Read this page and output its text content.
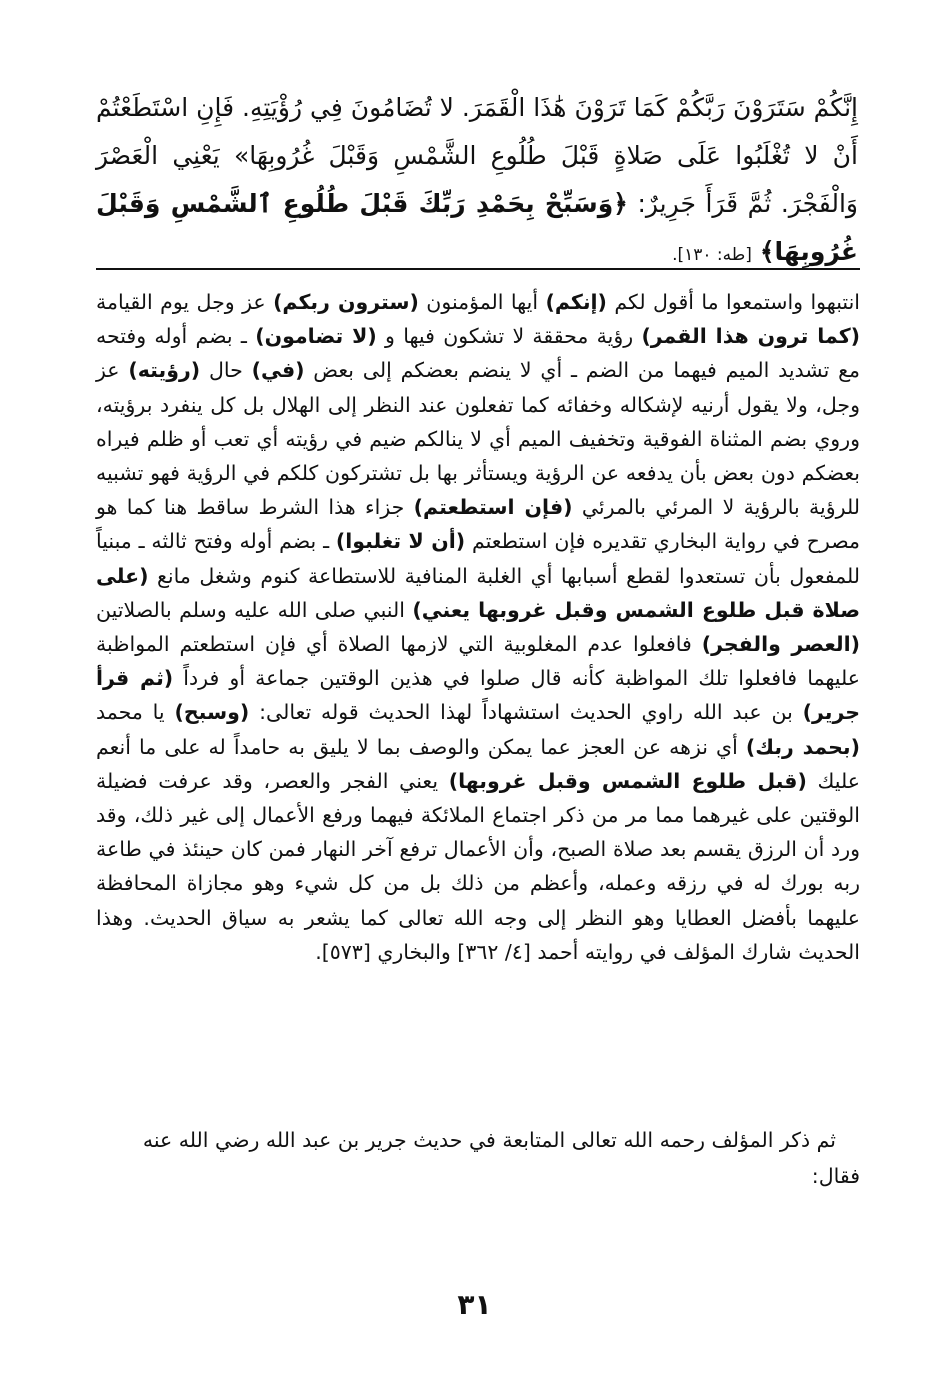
إِنَّكُمْ سَتَرَوْنَ رَبَّكُمْ كَمَا تَرَوْنَ هَٰذَا الْقَمَرَ. لا تُضَامُونَ فِي رُؤْيَتِهِ. فَإِنِ اسْتَطَعْتُمْ أَنْ لا تُغْلَبُوا عَلَى صَلاةٍ قَبْلَ طُلُوعِ الشَّمْسِ وَقَبْلَ غُرُوبِهَا» يَعْنِي الْعَصْرَ وَالْفَجْرَ. ثُمَّ قَرَأَ جَرِيرٌ: ﴿وَسَبِّحْ بِحَمْدِ رَبِّكَ قَبْلَ طُلُوعِ ٱلشَّمْسِ وَقَبْلَ غُرُوبِهَا﴾ [طه: ١٣٠].
انتبهوا واستمعوا ما أقول لكم (إنكم) أيها المؤمنون (سترون ربكم) عز وجل يوم القيامة (كما ترون هذا القمر) رؤية محققة لا تشكون فيها و (لا تضامون) ـ بضم أوله وفتحه مع تشديد الميم فيهما من الضم ـ أي لا ينضم بعضكم إلى بعض (في) حال (رؤيته) عز وجل، ولا يقول أرنيه لإشكاله وخفائه كما تفعلون عند النظر إلى الهلال بل كل ينفرد برؤيته، وروي بضم المثناة الفوقية وتخفيف الميم أي لا ينالكم ضيم في رؤيته أي تعب أو ظلم فيراه بعضكم دون بعض بأن يدفعه عن الرؤية ويستأثر بها بل تشتركون كلكم في الرؤية فهو تشبيه للرؤية بالرؤية لا المرئي بالمرئي (فإن استطعتم) جزاء هذا الشرط ساقط هنا كما هو مصرح في رواية البخاري تقديره فإن استطعتم (أن لا تغلبوا) ـ بضم أوله وفتح ثالثه ـ مبنياً للمفعول بأن تستعدوا لقطع أسبابها أي الغلبة المنافية للاستطاعة كنوم وشغل مانع (على صلاة قبل طلوع الشمس وقبل غروبها يعني) النبي صلى الله عليه وسلم بالصلاتين (العصر والفجر) فافعلوا عدم المغلوبية التي لازمها الصلاة أي فإن استطعتم المواظبة عليهما فافعلوا تلك المواظبة كأنه قال صلوا في هذين الوقتين جماعة أو فرداً (ثم قرأ جرير) بن عبد الله راوي الحديث استشهاداً لهذا الحديث قوله تعالى: (وسبح) يا محمد (بحمد ربك) أي نزهه عن العجز عما يمكن والوصف بما لا يليق به حامداً له على ما أنعم عليك (قبل طلوع الشمس وقبل غروبها) يعني الفجر والعصر، وقد عرفت فضيلة الوقتين على غيرهما مما مر من ذكر اجتماع الملائكة فيهما ورفع الأعمال إلى غير ذلك، وقد ورد أن الرزق يقسم بعد صلاة الصبح، وأن الأعمال ترفع آخر النهار فمن كان حينئذ في طاعة ربه بورك له في رزقه وعمله، وأعظم من ذلك بل من كل شيء وهو مجازاة المحافظة عليهما بأفضل العطايا وهو النظر إلى وجه الله تعالى كما يشعر به سياق الحديث. وهذا الحديث شارك المؤلف في روايته أحمد [٤/ ٣٦٢] والبخاري [٥٧٣].

ثم ذكر المؤلف رحمه الله تعالى المتابعة في حديث جرير بن عبد الله رضي الله عنه فقال:

٣١
